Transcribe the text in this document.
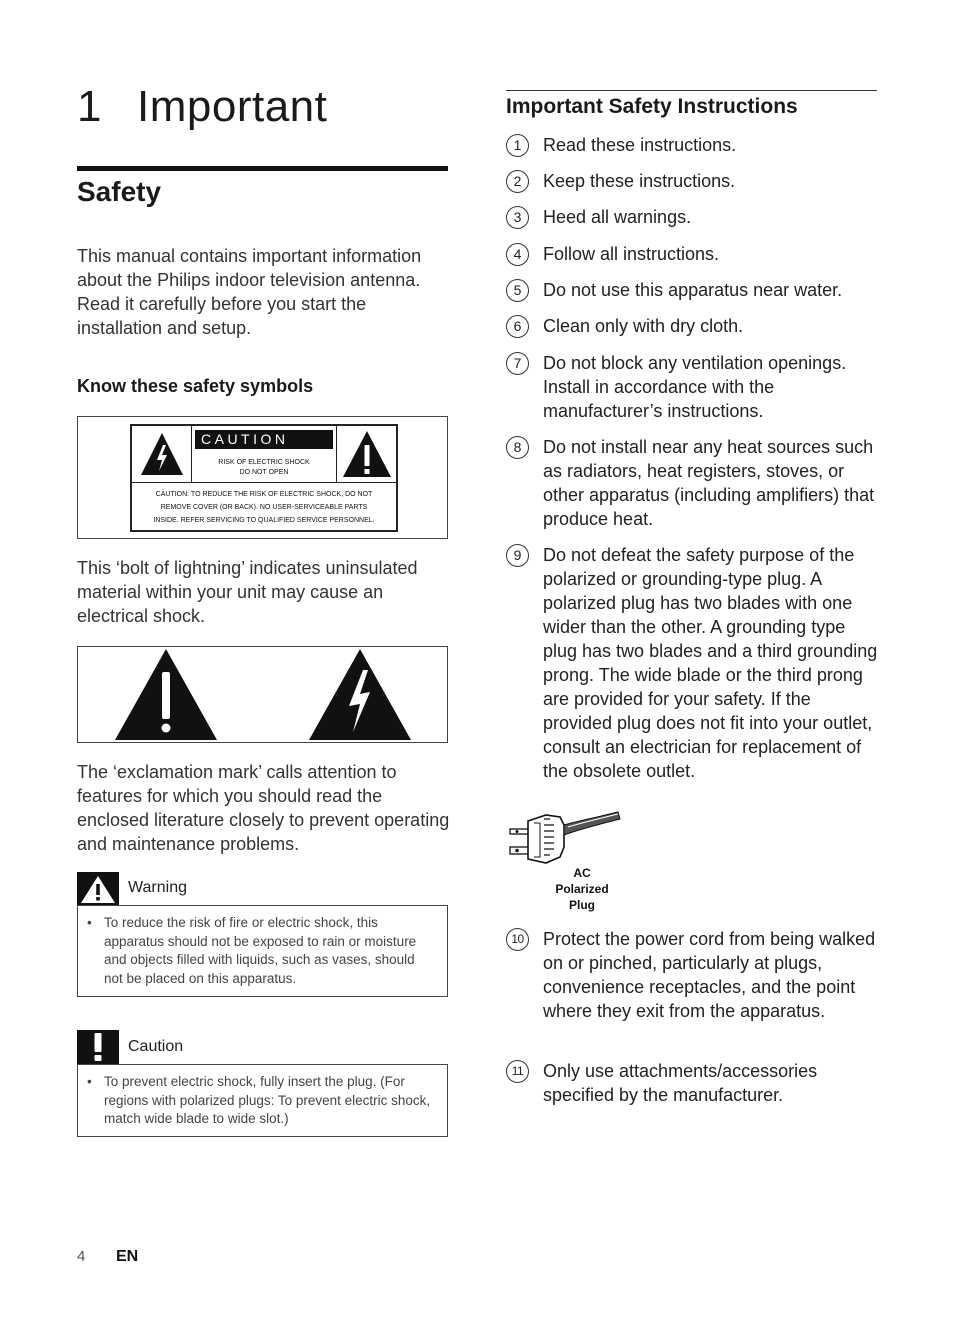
1 Important
Safety

This manual contains important information about the Philips indoor television antenna. Read it carefully before you start the installation and setup.

Know these safety symbols
CAUTION
RISK OF ELECTRIC SHOCK
DO NOT OPEN
CAUTION: TO REDUCE THE RISK OF ELECTRIC SHOCK, DO NOT
REMOVE COVER (OR BACK). NO USER-SERVICEABLE PARTS
INSIDE. REFER SERVICING TO QUALIFIED SERVICE PERSONNEL.

This ‘bolt of lightning’ indicates uninsulated material within your unit may cause an electrical shock.

The ‘exclamation mark’ calls attention to features for which you should read the enclosed literature closely to prevent operating and maintenance problems.

Warning
• To reduce the risk of fire or electric shock, this apparatus should not be exposed to rain or moisture and objects filled with liquids, such as vases, should not be placed on this apparatus.
Caution
• To prevent electric shock, fully insert the plug. (For regions with polarized plugs: To prevent electric shock, match wide blade to wide slot.)
4 EN
Important Safety Instructions
1	Read these instructions.
2	Keep these instructions.
3	Heed all warnings.
4	Follow all instructions.
5	Do not use this apparatus near water.
6	Clean only with dry cloth.
7	Do not block any ventilation openings. Install in accordance with the manufacturer’s instructions.
8	Do not install near any heat sources such as radiators, heat registers, stoves, or other apparatus (including amplifiers) that produce heat.
9	Do not defeat the safety purpose of the polarized or grounding-type plug. A polarized plug has two blades with one wider than the other. A grounding type plug has two blades and a third grounding prong. The wide blade or the third prong are provided for your safety. If the provided plug does not fit into your outlet, consult an electrician for replacement of the obsolete outlet.
AC Polarized
Plug
10 Protect the power cord from being walked on or pinched, particularly at plugs, convenience receptacles, and the point where they exit from the apparatus.
11	Only use attachments/accessories specified by the manufacturer.
